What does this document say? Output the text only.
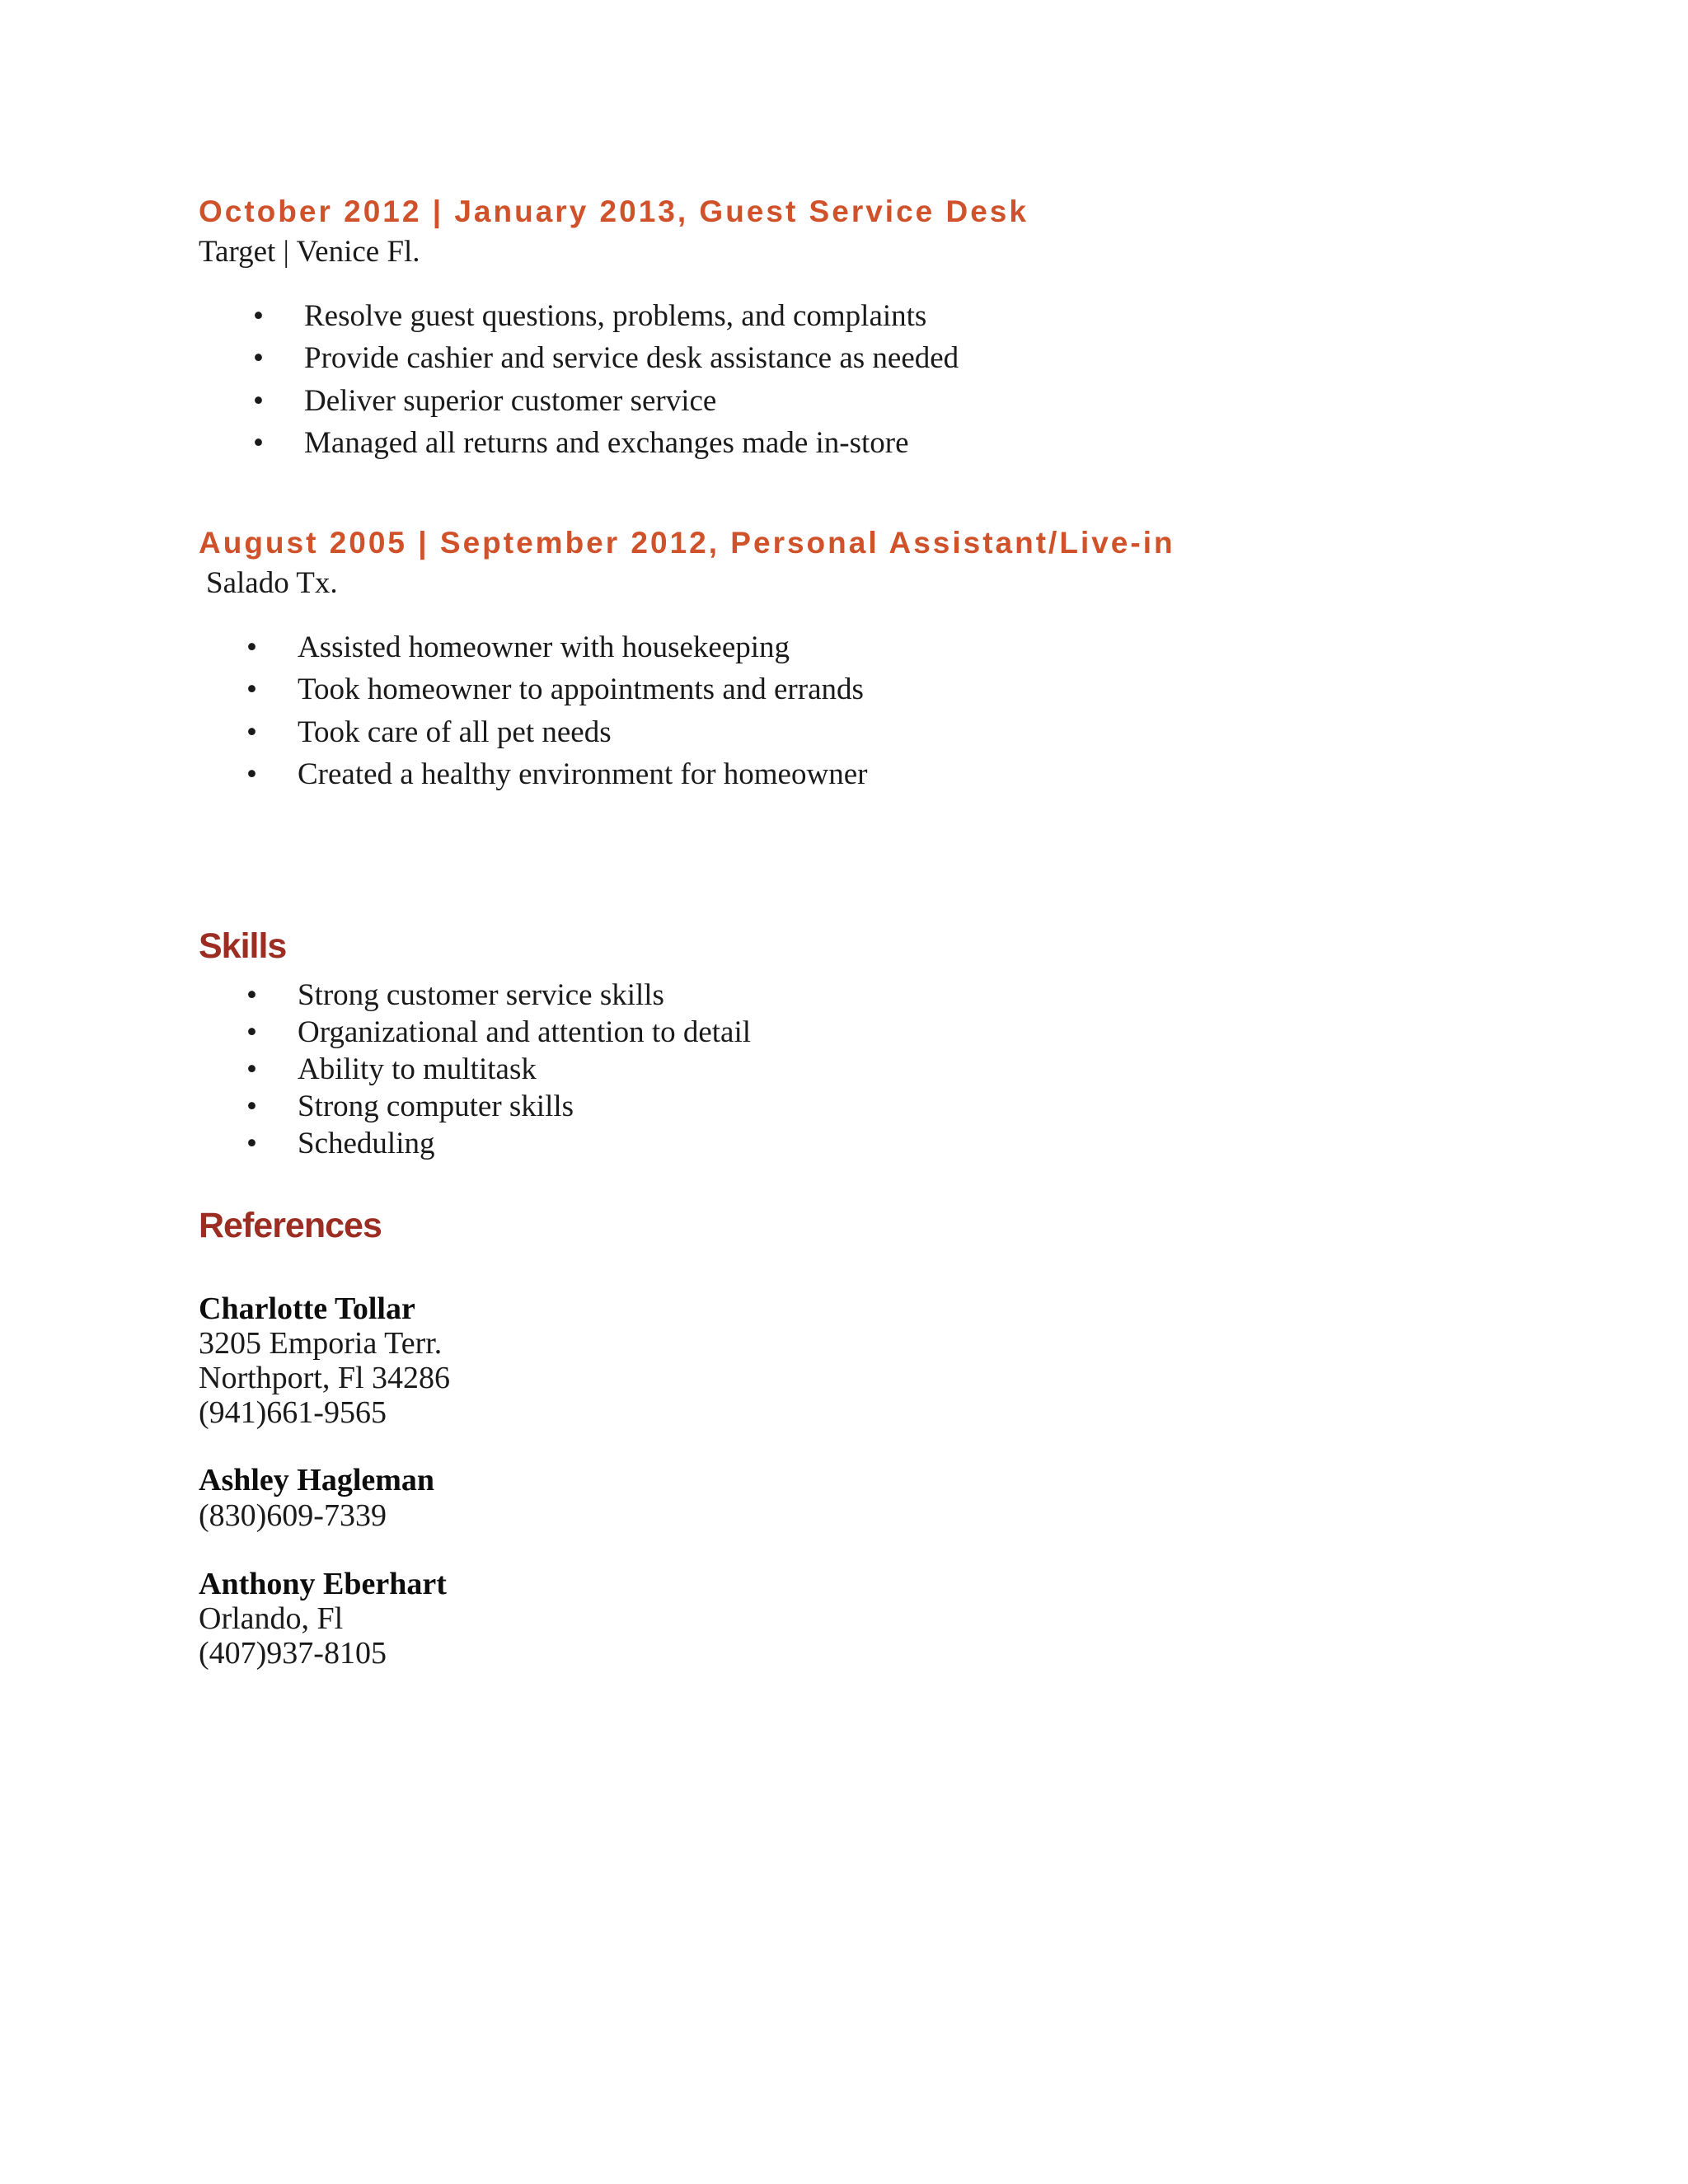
October 2012 | January 2013, Guest Service Desk
Target | Venice Fl.
• Resolve guest questions, problems, and complaints
• Provide cashier and service desk assistance as needed
• Deliver superior customer service
• Managed all returns and exchanges made in-store
August 2005 | September 2012, Personal Assistant/Live-in
Salado Tx.
• Assisted homeowner with housekeeping
• Took homeowner to appointments and errands
• Took care of all pet needs
• Created a healthy environment for homeowner
Skills
• Strong customer service skills
• Organizational and attention to detail
• Ability to multitask
• Strong computer skills
• Scheduling
References
Charlotte Tollar
3205 Emporia Terr.
Northport, Fl 34286
(941)661-9565
Ashley Hagleman
(830)609-7339
Anthony Eberhart
Orlando, Fl
(407)937-8105
